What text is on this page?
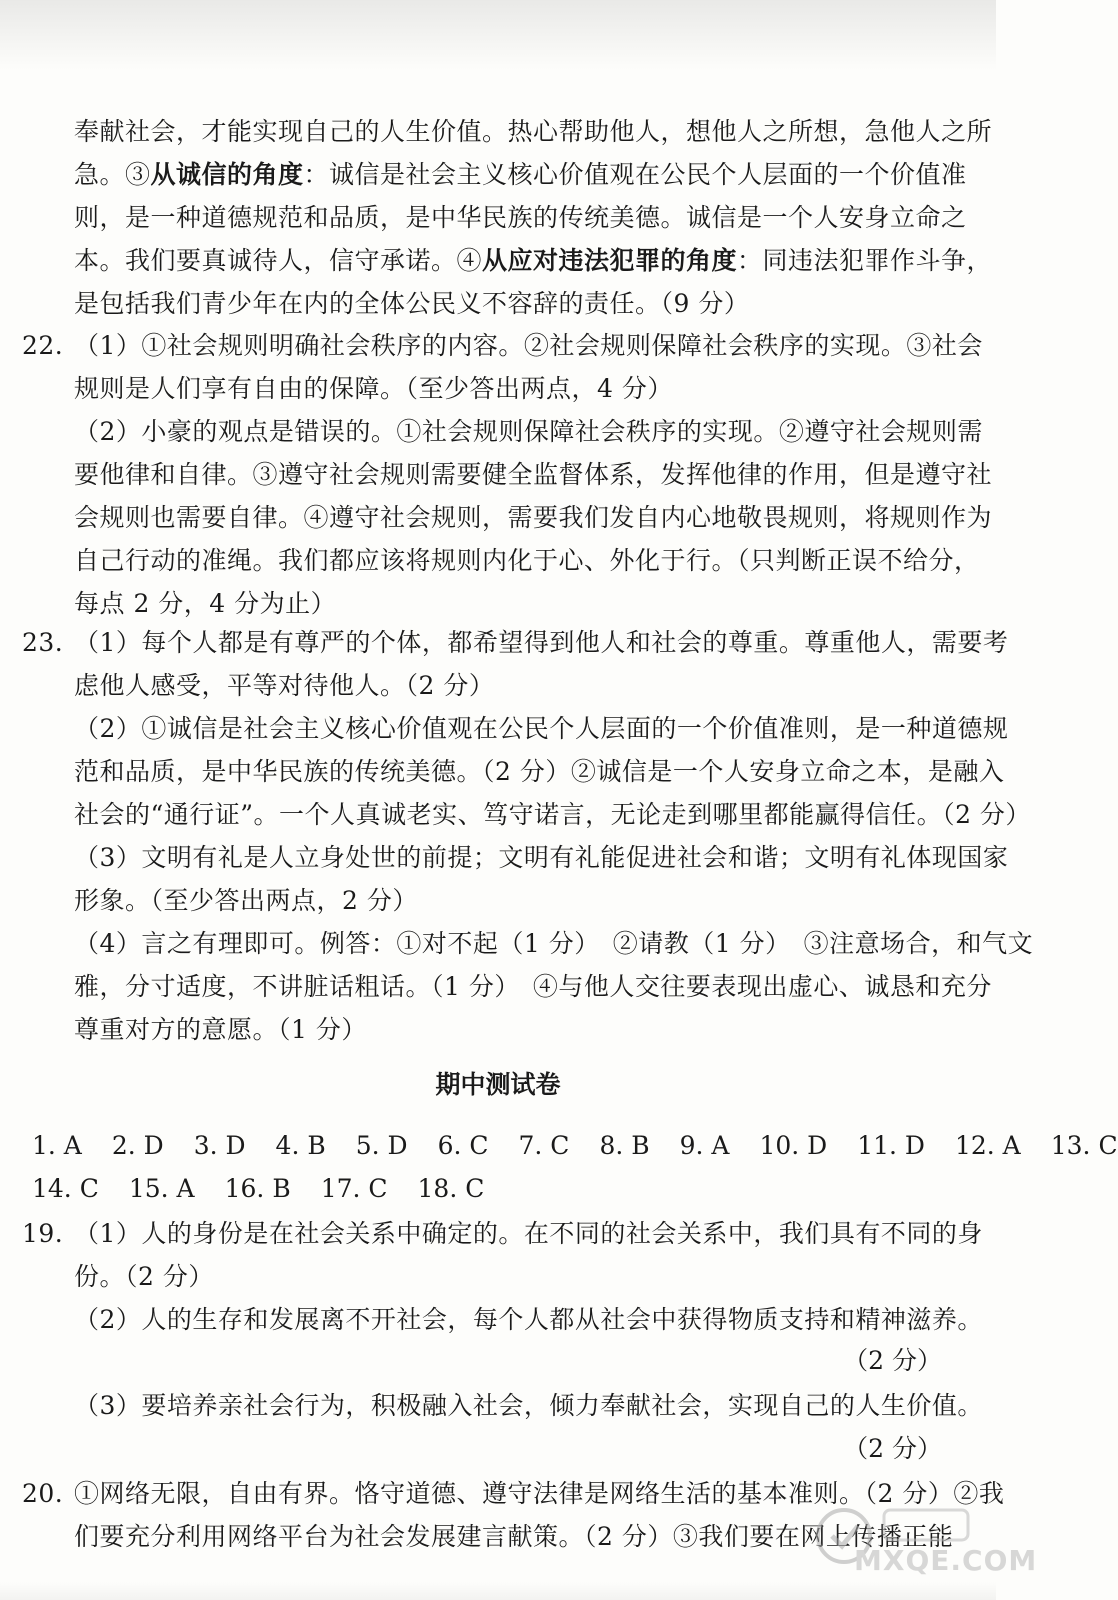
奉献社会，才能实现自己的人生价值。热心帮助他人，想他人之所想，急他人之所
急。③从诚信的角度：诚信是社会主义核心价值观在公民个人层面的一个价值准
则，是一种道德规范和品质，是中华民族的传统美德。诚信是一个人安身立命之
本。我们要真诚待人，信守承诺。④从应对违法犯罪的角度：同违法犯罪作斗争，
是包括我们青少年在内的全体公民义不容辞的责任。（9 分）
22. （1）①社会规则明确社会秩序的内容。②社会规则保障社会秩序的实现。③社会
规则是人们享有自由的保障。（至少答出两点，4 分）
（2）小豪的观点是错误的。①社会规则保障社会秩序的实现。②遵守社会规则需
要他律和自律。③遵守社会规则需要健全监督体系，发挥他律的作用，但是遵守社
会规则也需要自律。④遵守社会规则，需要我们发自内心地敬畏规则，将规则作为
自己行动的准绳。我们都应该将规则内化于心、外化于行。（只判断正误不给分，
每点 2 分，4 分为止）
23. （1）每个人都是有尊严的个体，都希望得到他人和社会的尊重。尊重他人，需要考
虑他人感受，平等对待他人。（2 分）
（2）①诚信是社会主义核心价值观在公民个人层面的一个价值准则，是一种道德规
范和品质，是中华民族的传统美德。（2 分）②诚信是一个人安身立命之本，是融入
社会的“通行证”。一个人真诚老实、笃守诺言，无论走到哪里都能赢得信任。（2 分）
（3）文明有礼是人立身处世的前提；文明有礼能促进社会和谐；文明有礼体现国家
形象。（至少答出两点，2 分）
（4）言之有理即可。例答：①对不起（1 分）　②请教（1 分）　③注意场合，和气文
雅，分寸适度，不讲脏话粗话。（1 分）　④与他人交往要表现出虚心、诚恳和充分
尊重对方的意愿。（1 分）
期中测试卷
1. A 2. D 3. D 4. B 5. D 6. C 7. C 8. B 9. A 10. D 11. D 12. A 13. C
14. C 15. A 16. B 17. C 18. C
19. （1）人的身份是在社会关系中确定的。在不同的社会关系中，我们具有不同的身
份。（2 分）
（2）人的生存和发展离不开社会，每个人都从社会中获得物质支持和精神滋养。
（2 分）
（3）要培养亲社会行为，积极融入社会，倾力奉献社会，实现自己的人生价值。
（2 分）
20. ①网络无限，自由有界。恪守道德、遵守法律是网络生活的基本准则。（2 分）②我
们要充分利用网络平台为社会发展建言献策。（2 分）③我们要在网上传播正能
MXQE.COM
